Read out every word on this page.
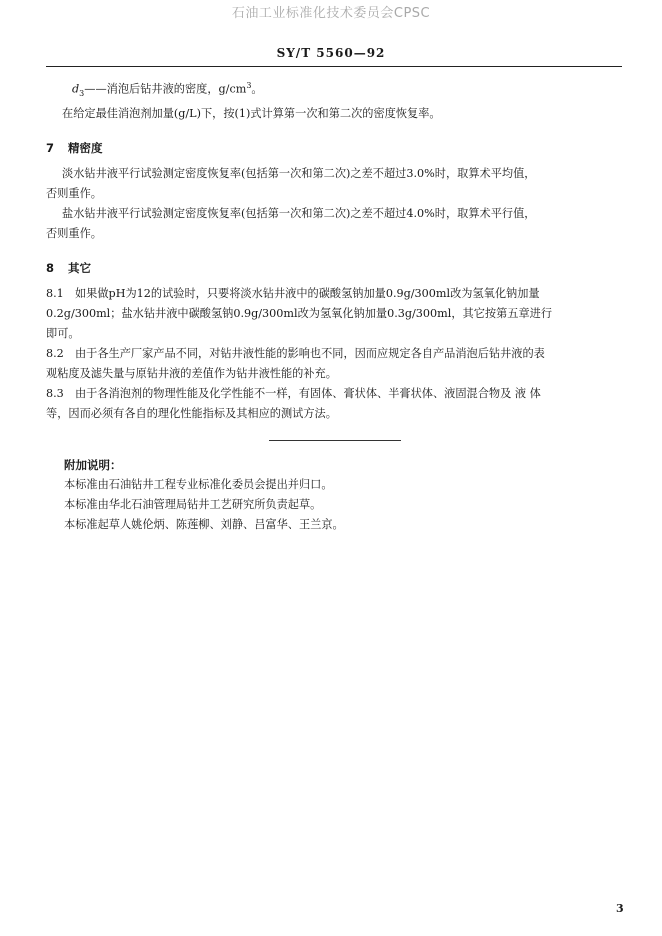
石油工业标准化技术委员会CPSC
SY/T 5560—92
$d_3——$消泡后钻井液的密度，$g/cm^3$。
在给定最佳消泡剂加量(g/L)下，按(1)式计算第一次和第二次的密度恢复率。
7 精密度
淡水钻井液平行试验测定密度恢复率(包括第一次和第二次)之差不超过3.0%时，取算术平均值，
否则重作。
盐水钻井液平行试验测定密度恢复率(包括第一次和第二次)之差不超过4.0%时，取算术平行值，
否则重作。
8 其它
8.1　如果做pH为12的试验时，只要将淡水钻井液中的碳酸氢钠加量0.9g/300ml改为氢氧化钠加量
0.2g/300ml；盐水钻井液中碳酸氢钠0.9g/300ml改为氢氧化钠加量0.3g/300ml，其它按第五章进行
即可。
8.2　由于各生产厂家产品不同，对钻井液性能的影响也不同，因而应规定各自产品消泡后钻井液的表
观粘度及滤失量与原钻井液的差值作为钻井液性能的补充。
8.3　由于各消泡剂的物理性能及化学性能不一样，有固体、膏状体、半膏状体、液固混合物及 液 体
等，因而必须有各自的理化性能指标及其相应的测试方法。
附加说明：
本标准由石油钻井工程专业标准化委员会提出并归口。
本标准由华北石油管理局钻井工艺研究所负责起草。
本标准起草人姚伦炳、陈莲柳、刘静、吕富华、王兰京。
3
